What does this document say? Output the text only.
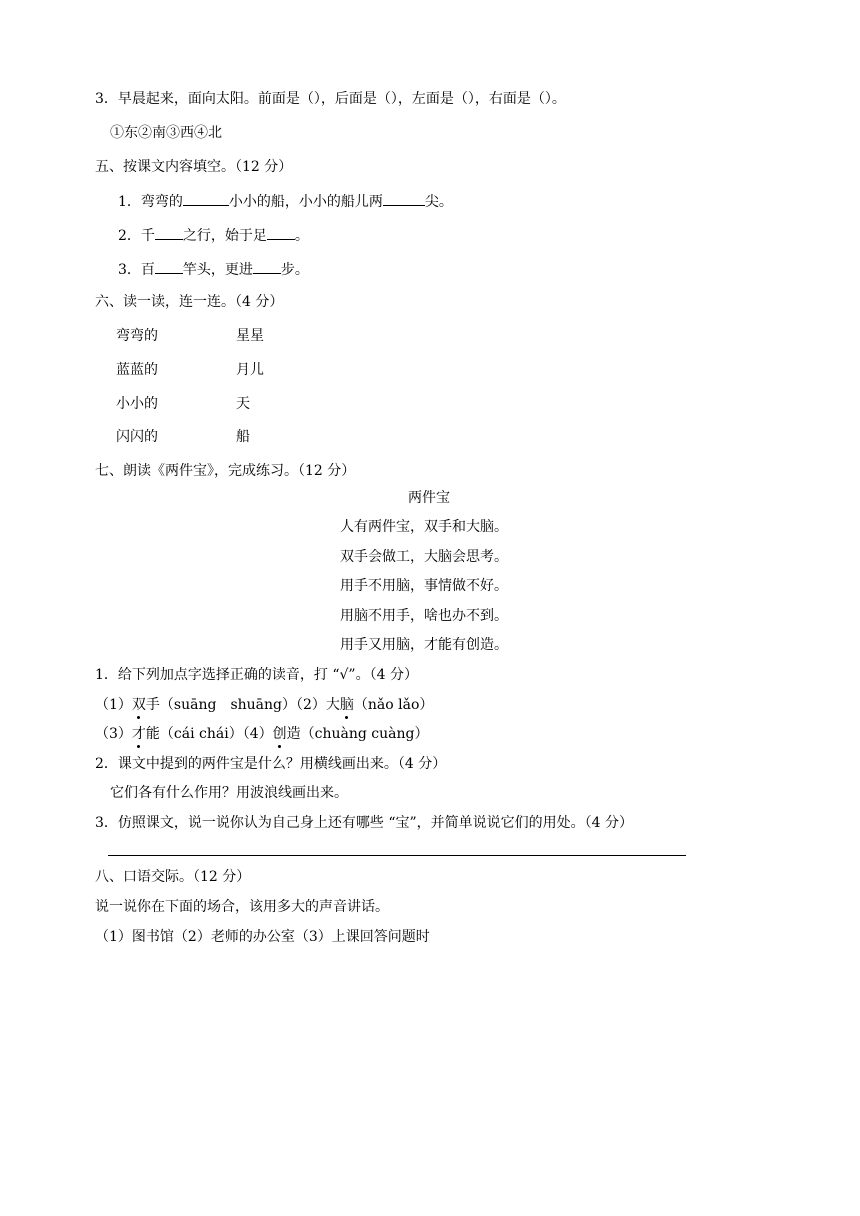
3．早晨起来，面向太阳。前面是（），后面是（），左面是（），右面是（）。
①东②南③西④北
五、按课文内容填空。（12 分）
1．弯弯的	小小的船，小小的船儿两	尖。
2．千 之行，始于足 。
3．百 竿头，更进 步。
六、读一读，连一连。（4 分）
弯弯的	星星
蓝蓝的	月儿
小小的	天
闪闪的	船
七、朗读《两件宝》，完成练习。（12 分）
两件宝
人有两件宝，双手和大脑。
双手会做工，大脑会思考。
用手不用脑，事情做不好。
用脑不用手，啥也办不到。
用手又用脑，才能有创造。
1．给下列加点字选择正确的读音，打 “√”。（4 分）
（1）双手（suāng　shuāng）（2）大脑（nǎo lǎo）
（3）才能（cái chái）（4）创造（chuàng cuàng）
2．课文中提到的两件宝是什么？用横线画出来。（4 分）
它们各有什么作用？用波浪线画出来。
3．仿照课文，说一说你认为自己身上还有哪些 “宝”，并简单说说它们的用处。（4 分）
八、口语交际。（12 分）
说一说你在下面的场合，该用多大的声音讲话。
（1）图书馆（2）老师的办公室（3）上课回答问题时
